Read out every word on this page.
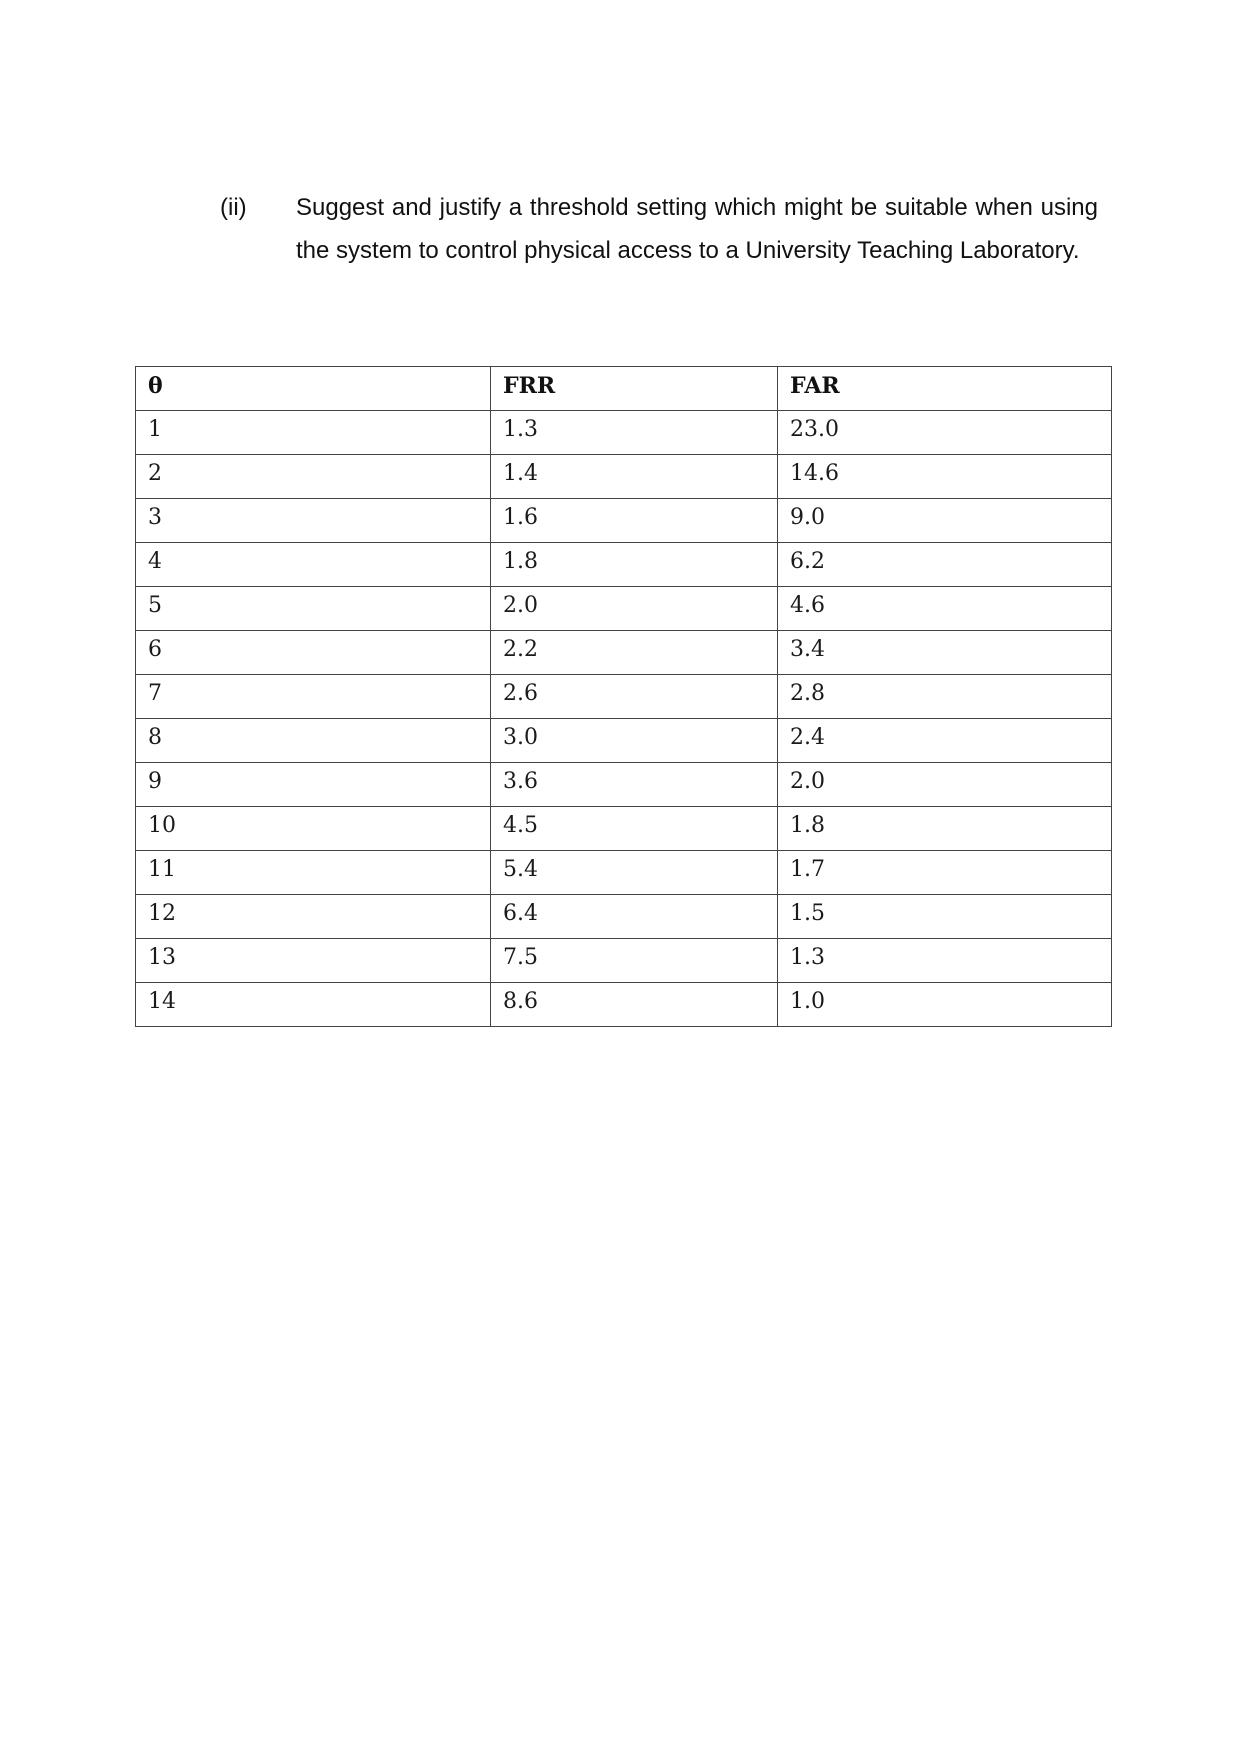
(ii)	Suggest and justify a threshold setting which might be suitable when using the system to control physical access to a University Teaching Laboratory.
θ	FRR	FAR
1	1.3	23.0
2	1.4	14.6
3	1.6	9.0
4	1.8	6.2
5	2.0	4.6
6	2.2	3.4
7	2.6	2.8
8	3.0	2.4
9	3.6	2.0
10	4.5	1.8
11	5.4	1.7
12	6.4	1.5
13	7.5	1.3
14	8.6	1.0
